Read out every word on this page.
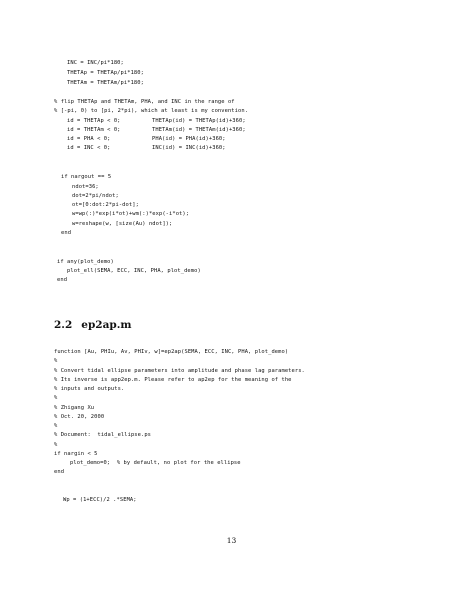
INC = INC/pi*180;
THETAp = THETAp/pi*180;
THETAm = THETAm/pi*180;
% flip THETAp and THETAm, PHA, and INC in the range of
% [-pi, 0) to [pi, 2*pi), which at least is my convention.
id = THETAp < 0;	THETAp(id) = THETAp(id)+360;
id = THETAm < 0;	THETAm(id) = THETAm(id)+360;
id = PHA < 0;	PHA(id) = PHA(id)+360;
id = INC < 0;	INC(id) = INC(id)+360;
if nargout == 5
ndot=36;
dot=2*pi/ndot;
ot=[0:dot:2*pi-dot];
w=wp(:)*exp(i*ot)+wm(:)*exp(-i*ot);
w=reshape(w, [size(Au) ndot]);
end
if any(plot_demo)
plot_ell(SEMA, ECC, INC, PHA, plot_demo)
end
2.2 ep2ap.m
function [Au, PHIu, Av, PHIv, w]=ep2ap(SEMA, ECC, INC, PHA, plot_demo)
%
% Convert tidal ellipse parameters into amplitude and phase lag parameters.
% Its inverse is app2ep.m. Please refer to ap2ep for the meaning of the
% inputs and outputs.
%
% Zhigang Xu
% Oct. 20, 2000
%
% Document:  tidal_ellipse.ps
%
if nargin < 5
plot_demo=0;  % by default, no plot for the ellipse
end
Wp = (1+ECC)/2 .*SEMA;
13
